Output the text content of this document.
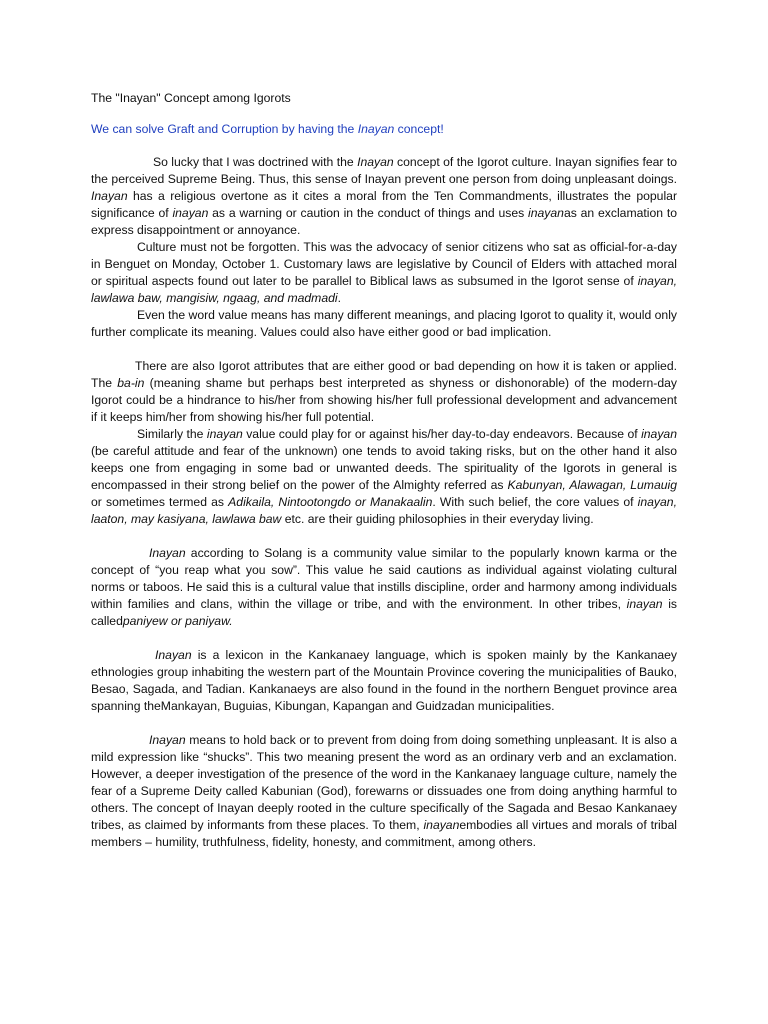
The "Inayan" Concept among Igorots
We can solve Graft and Corruption by having the Inayan concept!

So lucky that I was doctrined with the Inayan concept of the Igorot culture. Inayan signifies fear to the perceived Supreme Being. Thus, this sense of Inayan prevent one person from doing unpleasant doings. Inayan has a religious overtone as it cites a moral from the Ten Commandments, illustrates the popular significance of inayan as a warning or caution in the conduct of things and uses inayanas an exclamation to express disappointment or annoyance.

Culture must not be forgotten. This was the advocacy of senior citizens who sat as official-for-a-day in Benguet on Monday, October 1. Customary laws are legislative by Council of Elders with attached moral or spiritual aspects found out later to be parallel to Biblical laws as subsumed in the Igorot sense of inayan, lawlawa baw, mangisiw, ngaag, and madmadi.

Even the word value means has many different meanings, and placing Igorot to quality it, would only further complicate its meaning. Values could also have either good or bad implication.

There are also Igorot attributes that are either good or bad depending on how it is taken or applied. The ba-in (meaning shame but perhaps best interpreted as shyness or dishonorable) of the modern-day Igorot could be a hindrance to his/her from showing his/her full professional development and advancement if it keeps him/her from showing his/her full potential.

Similarly the inayan value could play for or against his/her day-to-day endeavors. Because of inayan (be careful attitude and fear of the unknown) one tends to avoid taking risks, but on the other hand it also keeps one from engaging in some bad or unwanted deeds. The spirituality of the Igorots in general is encompassed in their strong belief on the power of the Almighty referred as Kabunyan, Alawagan, Lumauig or sometimes termed as Adikaila, Nintootongdo or Manakaalin. With such belief, the core values of inayan, laaton, may kasiyana, lawlawa baw etc. are their guiding philosophies in their everyday living.

Inayan according to Solang is a community value similar to the popularly known karma or the concept of “you reap what you sow”. This value he said cautions as individual against violating cultural norms or taboos. He said this is a cultural value that instills discipline, order and harmony among individuals within families and clans, within the village or tribe, and with the environment. In other tribes, inayan is calledpaniyew or paniyaw.

Inayan is a lexicon in the Kankanaey language, which is spoken mainly by the Kankanaey ethnologies group inhabiting the western part of the Mountain Province covering the municipalities of Bauko, Besao, Sagada, and Tadian. Kankanaeys are also found in the found in the northern Benguet province area spanning theMankayan, Buguias, Kibungan, Kapangan and Guidzadan municipalities.

Inayan means to hold back or to prevent from doing from doing something unpleasant. It is also a mild expression like “shucks”. This two meaning present the word as an ordinary verb and an exclamation. However, a deeper investigation of the presence of the word in the Kankanaey language culture, namely the fear of a Supreme Deity called Kabunian (God), forewarns or dissuades one from doing anything harmful to others. The concept of Inayan deeply rooted in the culture specifically of the Sagada and Besao Kankanaey tribes, as claimed by informants from these places. To them, inayanembodies all virtues and morals of tribal members – humility, truthfulness, fidelity, honesty, and commitment, among others.
